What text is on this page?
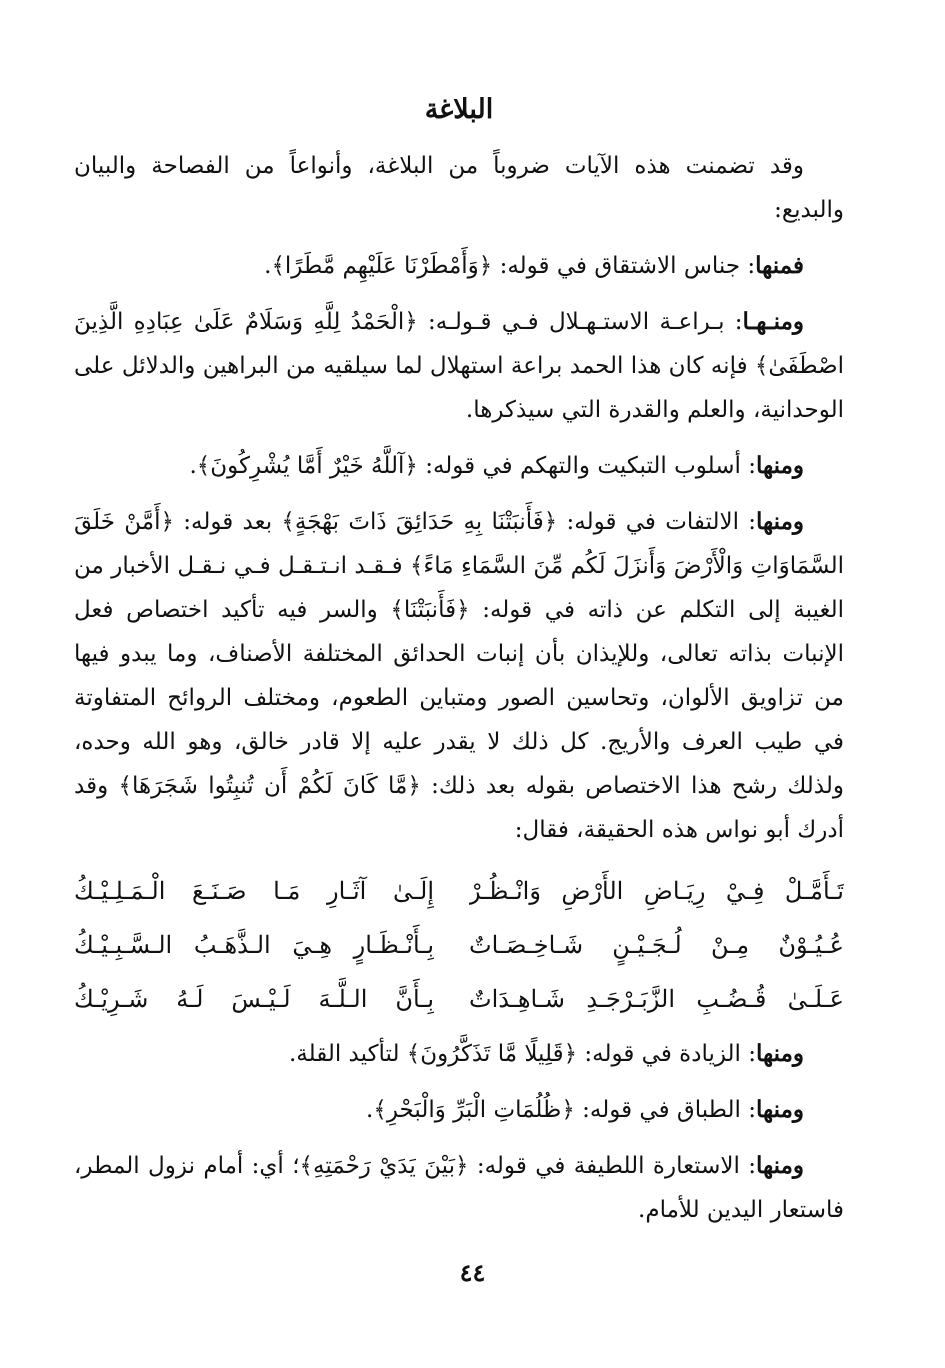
البلاغة

وقد تضمنت هذه الآيات ضروباً من البلاغة، وأنواعاً من الفصاحة والبيان والبديع:

فمنها: جناس الاشتقاق في قوله: ﴿وَأَمْطَرْنَا عَلَيْهِم مَّطَرًا﴾.

ومنـهـا: بـراعـة الاستـهـلال فـي قـولـه: ﴿الْحَمْدُ لِلَّهِ وَسَلَامٌ عَلَىٰ عِبَادِهِ الَّذِينَ اصْطَفَىٰ﴾ فإنه كان هذا الحمد براعة استهلال لما سيلقيه من البراهين والدلائل على الوحدانية، والعلم والقدرة التي سيذكرها.

ومنها: أسلوب التبكيت والتهكم في قوله: ﴿آللَّهُ خَيْرٌ أَمَّا يُشْرِكُونَ﴾.

ومنها: الالتفات في قوله: ﴿فَأَنبَتْنَا بِهِ حَدَائِقَ ذَاتَ بَهْجَةٍ﴾ بعد قوله: ﴿أَمَّنْ خَلَقَ السَّمَاوَاتِ وَالْأَرْضَ وَأَنزَلَ لَكُم مِّنَ السَّمَاءِ مَاءً﴾ فـقـد انـتـقـل فـي نـقـل الأخبار من الغيبة إلى التكلم عن ذاته في قوله: ﴿فَأَنبَتْنَا﴾ والسر فيه تأكيد اختصاص فعل الإنبات بذاته تعالى، وللإيذان بأن إنبات الحدائق المختلفة الأصناف، وما يبدو فيها من تزاويق الألوان، وتحاسين الصور ومتباين الطعوم، ومختلف الروائح المتفاوتة في طيب العرف والأريج. كل ذلك لا يقدر عليه إلا قادر خالق، وهو الله وحده، ولذلك رشح هذا الاختصاص بقوله بعد ذلك: ﴿مَّا كَانَ لَكُمْ أَن تُنبِتُوا شَجَرَهَا﴾ وقد أدرك أبو نواس هذه الحقيقة، فقال:

تَـأَمَّـلْ فِـيْ رِيَـاضِ الأَرْضِ وَانْـظُـرْ
إِلَـىٰ آثَـارِ مَـا صَـنَـعَ الْـمَـلِـيْـكُ
عُـيُـوْنٌ مِـنْ لُـجَـيْـنٍ شَـاخِـصَـاتٌ
بِـأَنْـظَـارٍ هِـيَ الـذَّهَـبُ الـسَّـبِـيْـكُ
عَـلَـىٰ قُـضُـبِ الزَّبَـرْجَـدِ شَـاهِـدَاتٌ
بِـأَنَّ الـلَّـهَ لَـيْـسَ لَـهُ شَـرِيْـكُ

ومنها: الزيادة في قوله: ﴿قَلِيلًا مَّا تَذَكَّرُونَ﴾ لتأكيد القلة.

ومنها: الطباق في قوله: ﴿ظُلُمَاتِ الْبَرِّ وَالْبَحْرِ﴾.

ومنها: الاستعارة اللطيفة في قوله: ﴿بَيْنَ يَدَيْ رَحْمَتِهِ﴾؛ أي: أمام نزول المطر، فاستعار اليدين للأمام.

٤٤
